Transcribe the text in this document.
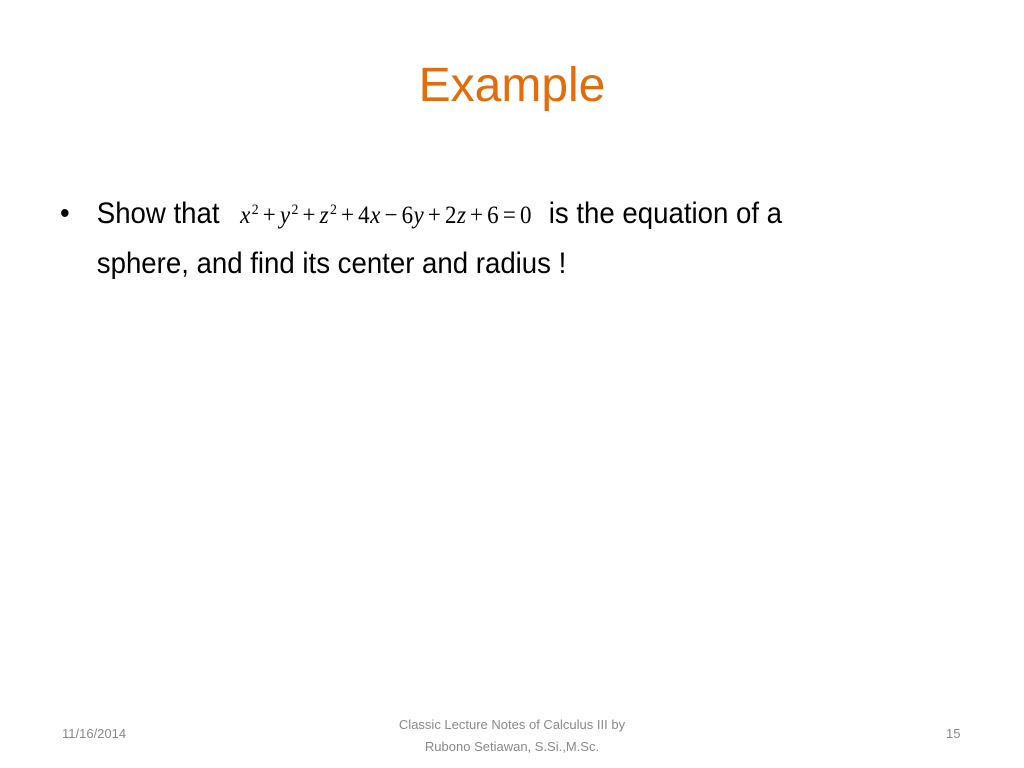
Example
• Show that $x^2 + y^2 + z^2 + 4x - 6y + 2z + 6 = 0$ is the equation of a
sphere, and find its center and radius !
11/16/2014
Classic Lecture Notes of Calculus III by
Rubono Setiawan, S.Si.,M.Sc.
15
